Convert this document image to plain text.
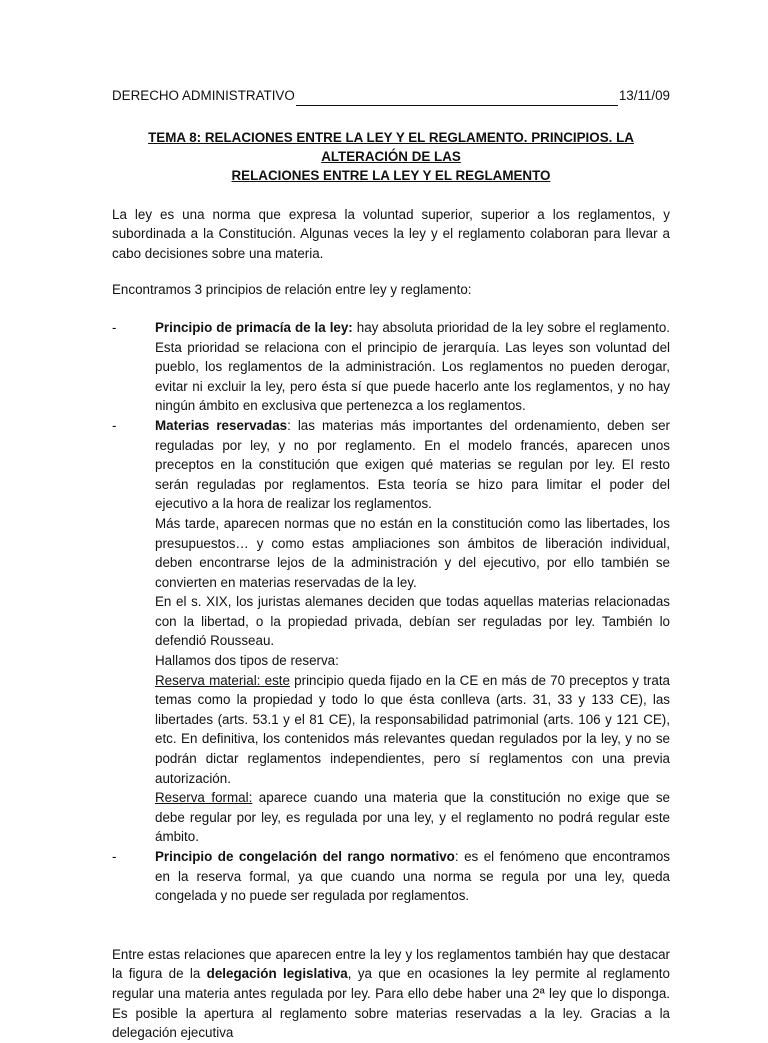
DERECHO ADMINISTRATIVO	13/11/09
TEMA 8: RELACIONES ENTRE LA LEY Y EL REGLAMENTO. PRINCIPIOS. LA ALTERACIÓN DE LAS
RELACIONES ENTRE LA LEY Y EL REGLAMENTO

La ley es una norma que expresa la voluntad superior, superior a los reglamentos, y subordinada a la Constitución. Algunas veces la ley y el reglamento colaboran para llevar a cabo decisiones sobre una materia.

Encontramos 3 principios de relación entre ley y reglamento:

-	Principio de primacía de la ley: hay absoluta prioridad de la ley sobre el reglamento. Esta prioridad se relaciona con el principio de jerarquía. Las leyes son voluntad del pueblo, los reglamentos de la administración. Los reglamentos no pueden derogar, evitar ni excluir la ley, pero ésta sí que puede hacerlo ante los reglamentos, y no hay ningún ámbito en exclusiva que pertenezca a los reglamentos.

-	Materias reservadas: las materias más importantes del ordenamiento, deben ser reguladas por ley, y no por reglamento. En el modelo francés, aparecen unos preceptos en la constitución que exigen qué materias se regulan por ley. El resto serán reguladas por reglamentos. Esta teoría se hizo para limitar el poder del ejecutivo a la hora de realizar los reglamentos.

Más tarde, aparecen normas que no están en la constitución como las libertades, los presupuestos… y como estas ampliaciones son ámbitos de liberación individual, deben encontrarse lejos de la administración y del ejecutivo, por ello también se convierten en materias reservadas de la ley.

En el s. XIX, los juristas alemanes deciden que todas aquellas materias relacionadas con la libertad, o la propiedad privada, debían ser reguladas por ley. También lo defendió Rousseau.

Hallamos dos tipos de reserva:

Reserva material: este principio queda fijado en la CE en más de 70 preceptos y trata temas como la propiedad y todo lo que ésta conlleva (arts. 31, 33 y 133 CE), las libertades (arts. 53.1 y el 81 CE), la responsabilidad patrimonial (arts. 106 y 121 CE), etc. En definitiva, los contenidos más relevantes quedan regulados por la ley, y no se podrán dictar reglamentos independientes, pero sí reglamentos con una previa autorización.

Reserva formal: aparece cuando una materia que la constitución no exige que se debe regular por ley, es regulada por una ley, y el reglamento no podrá regular este ámbito.

-	Principio de congelación del rango normativo: es el fenómeno que encontramos en la reserva formal, ya que cuando una norma se regula por una ley, queda congelada y no puede ser regulada por reglamentos.

Entre estas relaciones que aparecen entre la ley y los reglamentos también hay que destacar la figura de la delegación legislativa, ya que en ocasiones la ley permite al reglamento regular una materia antes regulada por ley. Para ello debe haber una 2ª ley que lo disponga. Es posible la apertura al reglamento sobre materias reservadas a la ley. Gracias a la delegación ejecutiva
